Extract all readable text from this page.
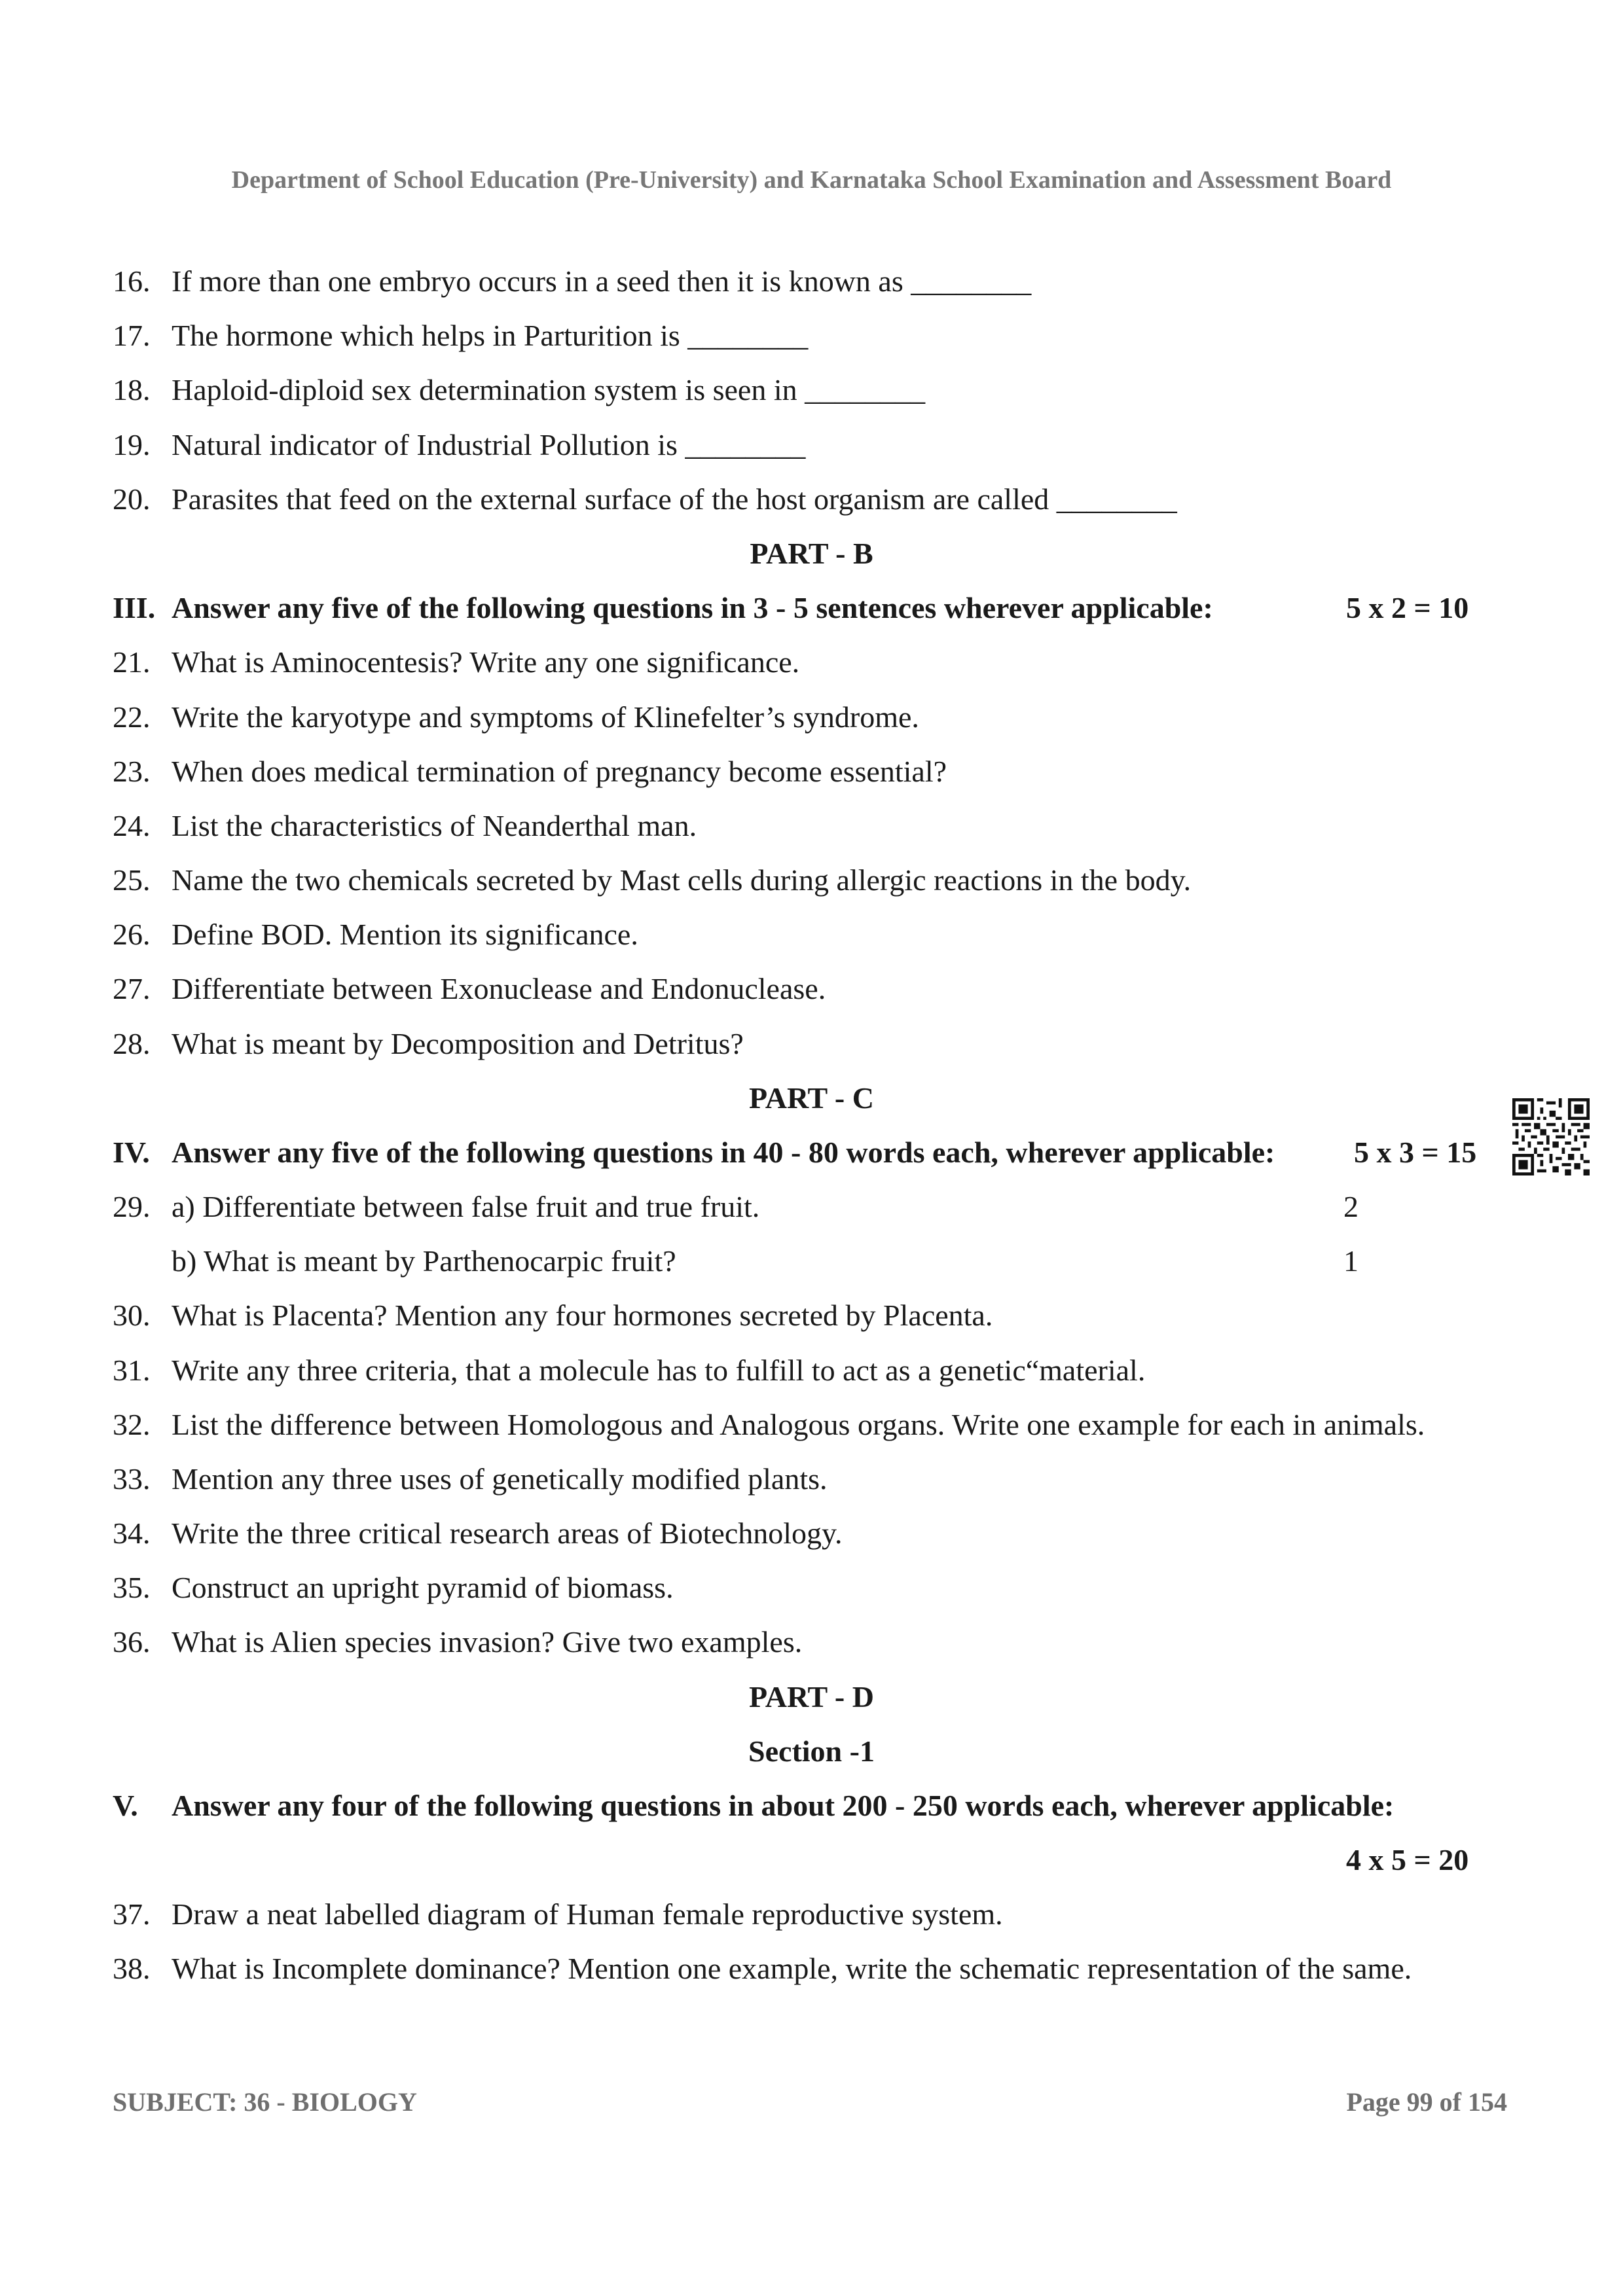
Department of School Education (Pre-University) and Karnataka School Examination and Assessment Board
16. If more than one embryo occurs in a seed then it is known as ________
17. The hormone which helps in Parturition is ________
18. Haploid-diploid sex determination system is seen in ________
19. Natural indicator of Industrial Pollution is ________
20. Parasites that feed on the external surface of the host organism are called ________
PART - B
III. Answer any five of the following questions in 3 - 5 sentences wherever applicable:	5 x 2 = 10
21. What is Aminocentesis? Write any one significance.
22. Write the karyotype and symptoms of Klinefelter’s syndrome.
23. When does medical termination of pregnancy become essential?
24. List the characteristics of Neanderthal man.
25. Name the two chemicals secreted by Mast cells during allergic reactions in the body.
26. Define BOD. Mention its significance.
27. Differentiate between Exonuclease and Endonuclease.
28. What is meant by Decomposition and Detritus?
PART - C
IV. Answer any five of the following questions in 40 - 80 words each, wherever applicable:	5 x 3 = 15
29. a) Differentiate between false fruit and true fruit.	2
b) What is meant by Parthenocarpic fruit?	1
30. What is Placenta? Mention any four hormones secreted by Placenta.
31. Write any three criteria, that a molecule has to fulfill to act as a genetic“material.
32. List the difference between Homologous and Analogous organs. Write one example for each in animals.
33. Mention any three uses of genetically modified plants.
34. Write the three critical research areas of Biotechnology.
35. Construct an upright pyramid of biomass.
36. What is Alien species invasion? Give two examples.
PART - D
Section -1
V.	Answer any four of the following questions in about 200 - 250 words each, wherever applicable:
4 x 5 = 20
37. Draw a neat labelled diagram of Human female reproductive system.
38. What is Incomplete dominance? Mention one example, write the schematic representation of the same.
SUBJECT: 36 - BIOLOGY	Page 99 of 154
